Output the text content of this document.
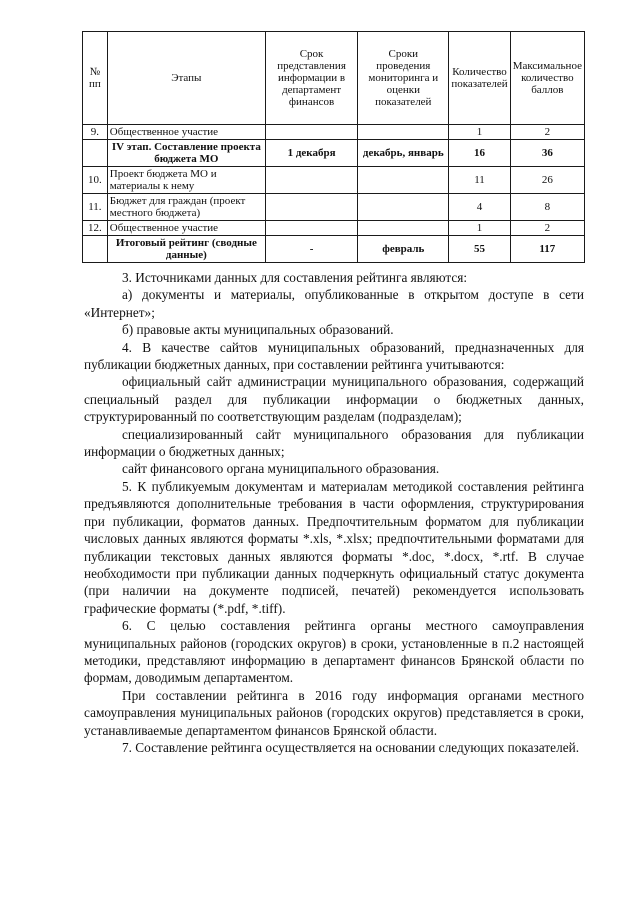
№ пп	Этапы	Срок представления информации в департамент финансов	Сроки проведения мониторинга и оценки показателей	Количество показателей	Максимальное количество баллов
9.	Общественное участие			1	2
	IV этап. Составление проекта бюджета МО	1 декабря	декабрь, январь	16	36
10.	Проект бюджета МО и материалы к нему			11	26
11.	Бюджет для граждан (проект местного бюджета)			4	8
12.	Общественное участие			1	2
	Итоговый рейтинг (сводные данные)	-	февраль	55	117

3. Источниками данных для составления рейтинга являются:

а) документы и материалы, опубликованные в открытом доступе в сети «Интернет»;

б) правовые акты муниципальных образований.

4. В качестве сайтов муниципальных образований, предназначенных для публикации бюджетных данных, при составлении рейтинга учитываются:

официальный сайт администрации муниципального образования, содержащий специальный раздел для публикации информации о бюджетных данных, структурированный по соответствующим разделам (подразделам);

специализированный сайт муниципального образования для публикации информации о бюджетных данных;

сайт финансового органа муниципального образования.

5. К публикуемым документам и материалам методикой составления рейтинга предъявляются дополнительные требования в части оформления, структурирования при публикации, форматов данных. Предпочтительным форматом для публикации числовых данных являются форматы *.xls, *.xlsx; предпочтительными форматами для публикации текстовых данных являются форматы *.doc, *.docx, *.rtf. В случае необходимости при публикации данных подчеркнуть официальный статус документа (при наличии на документе подписей, печатей) рекомендуется использовать графические форматы (*.pdf, *.tiff).

6. С целью составления рейтинга органы местного самоуправления муниципальных районов (городских округов) в сроки, установленные в п.2 настоящей методики, представляют информацию в департамент финансов Брянской области по формам, доводимым департаментом.

При составлении рейтинга в 2016 году информация органами местного самоуправления муниципальных районов (городских округов) представляется в сроки, устанавливаемые департаментом финансов Брянской области.

7. Составление рейтинга осуществляется на основании следующих показателей.
